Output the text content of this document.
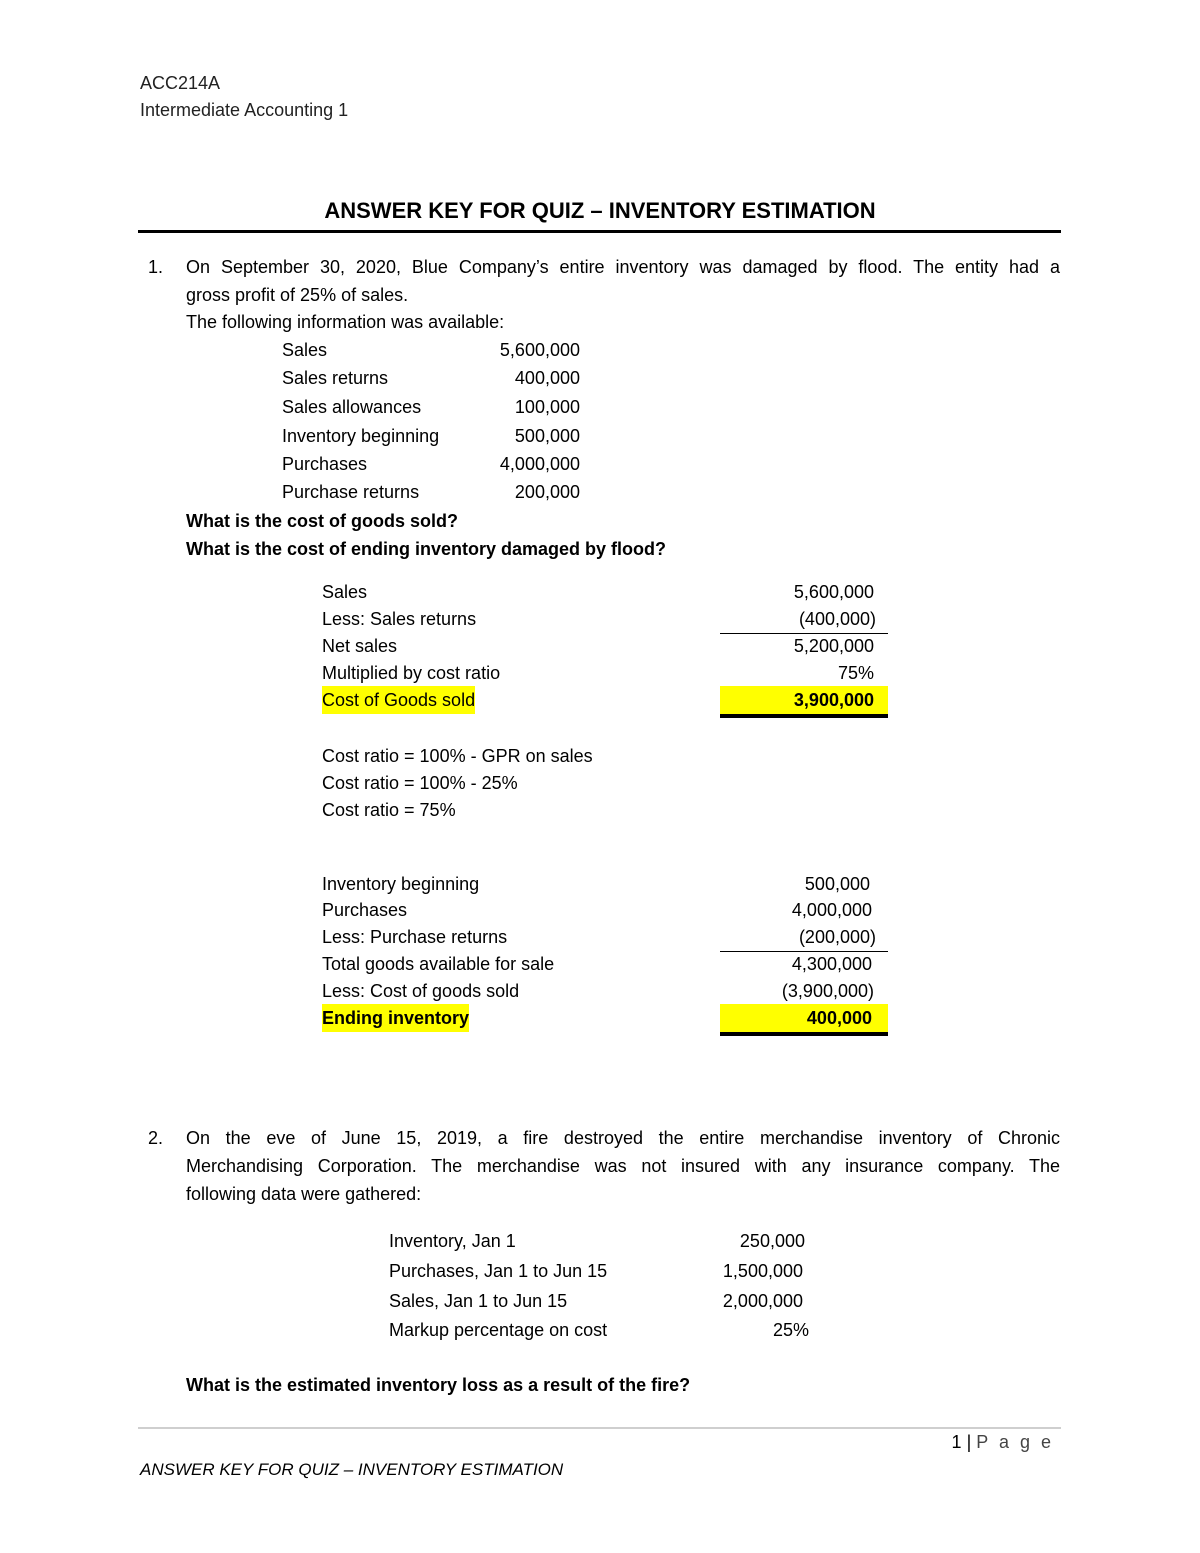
ACC214A
Intermediate Accounting 1
ANSWER KEY FOR QUIZ – INVENTORY ESTIMATION
1. On September 30, 2020, Blue Company’s entire inventory was damaged by flood. The entity had a
gross profit of 25% of sales.
The following information was available:
Sales	5,600,000
Sales returns	400,000
Sales allowances	100,000
Inventory beginning	500,000
Purchases	4,000,000
Purchase returns	200,000
What is the cost of goods sold?
What is the cost of ending inventory damaged by flood?
Sales	5,600,000
Less: Sales returns	(400,000)
Net sales	5,200,000
Multiplied by cost ratio	75%
Cost of Goods sold	3,900,000
Cost ratio = 100% - GPR on sales
Cost ratio = 100% - 25%
Cost ratio = 75%
Inventory beginning	500,000
Purchases	4,000,000
Less: Purchase returns	(200,000)
Total goods available for sale	4,300,000
Less: Cost of goods sold	(3,900,000)
Ending inventory	400,000
2. On the eve of June 15, 2019, a fire destroyed the entire merchandise inventory of Chronic
Merchandising Corporation. The merchandise was not insured with any insurance company. The
following data were gathered:
Inventory, Jan 1	250,000
Purchases, Jan 1 to Jun 15	1,500,000
Sales, Jan 1 to Jun 15	2,000,000
Markup percentage on cost	25%
What is the estimated inventory loss as a result of the fire?
1 | P a g e
ANSWER KEY FOR QUIZ – INVENTORY ESTIMATION
